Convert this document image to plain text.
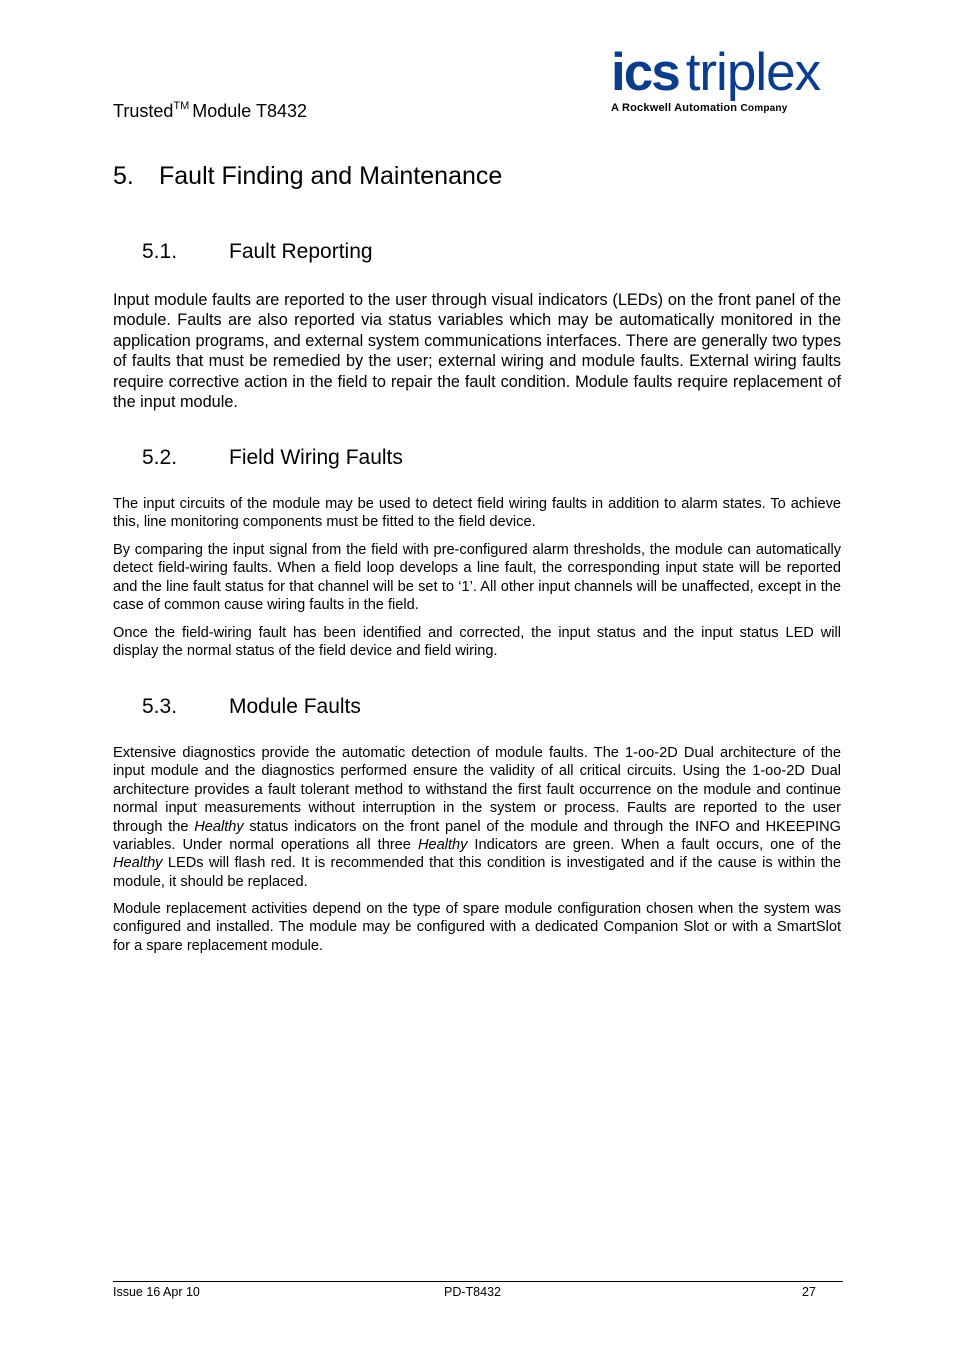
Trusted™ Module T8432
ics triplex
A Rockwell Automation Company
5. Fault Finding and Maintenance
5.1. Fault Reporting

Input module faults are reported to the user through visual indicators (LEDs) on the front panel of the module. Faults are also reported via status variables which may be automatically monitored in the application programs, and external system communications interfaces. There are generally two types of faults that must be remedied by the user; external wiring and module faults. External wiring faults require corrective action in the field to repair the fault condition. Module faults require replacement of the input module.

5.2. Field Wiring Faults

The input circuits of the module may be used to detect field wiring faults in addition to alarm states. To achieve this, line monitoring components must be fitted to the field device.

By comparing the input signal from the field with pre-configured alarm thresholds, the module can automatically detect field-wiring faults. When a field loop develops a line fault, the corresponding input state will be reported and the line fault status for that channel will be set to ‘1’. All other input channels will be unaffected, except in the case of common cause wiring faults in the field.

Once the field-wiring fault has been identified and corrected, the input status and the input status LED will display the normal status of the field device and field wiring.

5.3. Module Faults

Extensive diagnostics provide the automatic detection of module faults. The 1-oo-2D Dual architecture of the input module and the diagnostics performed ensure the validity of all critical circuits. Using the 1-oo-2D Dual architecture provides a fault tolerant method to withstand the first fault occurrence on the module and continue normal input measurements without interruption in the system or process. Faults are reported to the user through the Healthy status indicators on the front panel of the module and through the INFO and HKEEPING variables. Under normal operations all three Healthy Indicators are green. When a fault occurs, one of the Healthy LEDs will flash red. It is recommended that this condition is investigated and if the cause is within the module, it should be replaced.

Module replacement activities depend on the type of spare module configuration chosen when the system was configured and installed. The module may be configured with a dedicated Companion Slot or with a SmartSlot for a spare replacement module.

Issue 16 Apr 10	PD-T8432	27
